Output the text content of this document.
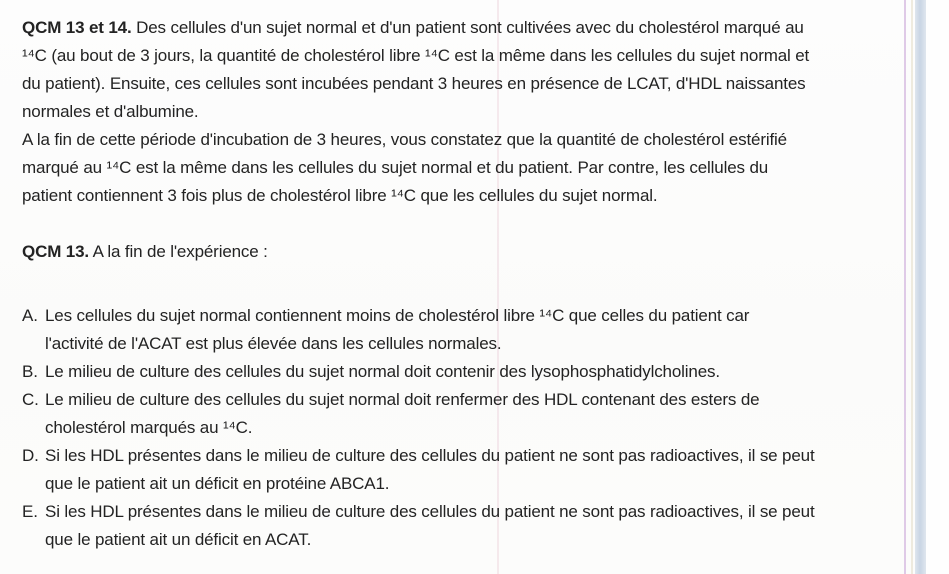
QCM 13 et 14. Des cellules d'un sujet normal et d'un patient sont cultivées avec du cholestérol marqué au
¹⁴C (au bout de 3 jours, la quantité de cholestérol libre ¹⁴C est la même dans les cellules du sujet normal et
du patient). Ensuite, ces cellules sont incubées pendant 3 heures en présence de LCAT, d'HDL naissantes
normales et d'albumine.
A la fin de cette période d'incubation de 3 heures, vous constatez que la quantité de cholestérol estérifié
marqué au ¹⁴C est la même dans les cellules du sujet normal et du patient. Par contre, les cellules du
patient contiennent 3 fois plus de cholestérol libre ¹⁴C que les cellules du sujet normal.
QCM 13. A la fin de l'expérience :
A. Les cellules du sujet normal contiennent moins de cholestérol libre ¹⁴C que celles du patient car
l'activité de l'ACAT est plus élevée dans les cellules normales.
B. Le milieu de culture des cellules du sujet normal doit contenir des lysophosphatidylcholines.
C. Le milieu de culture des cellules du sujet normal doit renfermer des HDL contenant des esters de
cholestérol marqués au ¹⁴C.
D. Si les HDL présentes dans le milieu de culture des cellules du patient ne sont pas radioactives, il se peut
que le patient ait un déficit en protéine ABCA1.
E. Si les HDL présentes dans le milieu de culture des cellules du patient ne sont pas radioactives, il se peut
que le patient ait un déficit en ACAT.
